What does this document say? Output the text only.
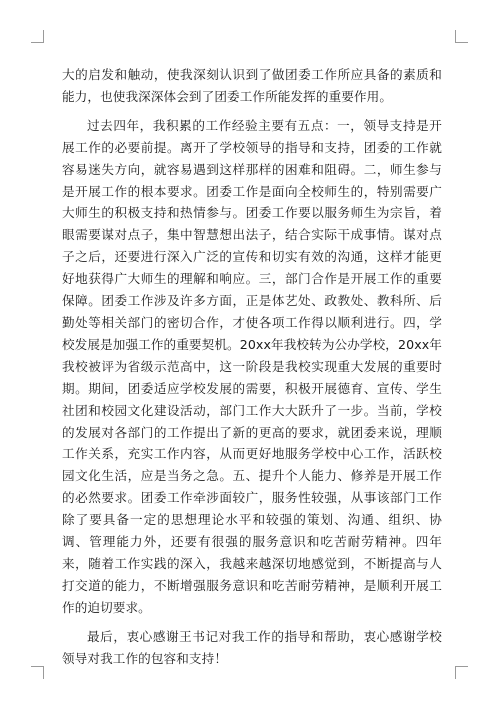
大的启发和触动，使我深刻认识到了做团委工作所应具备的素质和能力，也使我深深体会到了团委工作所能发挥的重要作用。

过去四年，我积累的工作经验主要有五点：一，领导支持是开展工作的必要前提。离开了学校领导的指导和支持，团委的工作就容易迷失方向，就容易遇到这样那样的困难和阻碍。二，师生参与是开展工作的根本要求。团委工作是面向全校师生的，特别需要广大师生的积极支持和热情参与。团委工作要以服务师生为宗旨，着眼需要谋对点子，集中智慧想出法子，结合实际干成事情。谋对点子之后，还要进行深入广泛的宣传和切实有效的沟通，这样才能更好地获得广大师生的理解和响应。三，部门合作是开展工作的重要保障。团委工作涉及许多方面，正是体艺处、政教处、教科所、后勤处等相关部门的密切合作，才使各项工作得以顺利进行。四，学校发展是加强工作的重要契机。20xx年我校转为公办学校，20xx年我校被评为省级示范高中，这一阶段是我校实现重大发展的重要时期。期间，团委适应学校发展的需要，积极开展德育、宣传、学生社团和校园文化建设活动，部门工作大大跃升了一步。当前，学校的发展对各部门的工作提出了新的更高的要求，就团委来说，理顺工作关系，充实工作内容，从而更好地服务学校中心工作，活跃校园文化生活，应是当务之急。五、提升个人能力、修养是开展工作的必然要求。团委工作牵涉面较广，服务性较强，从事该部门工作除了要具备一定的思想理论水平和较强的策划、沟通、组织、协调、管理能力外，还要有很强的服务意识和吃苦耐劳精神。四年来，随着工作实践的深入，我越来越深切地感觉到，不断提高与人打交道的能力，不断增强服务意识和吃苦耐劳精神，是顺利开展工作的迫切要求。

最后，衷心感谢王书记对我工作的指导和帮助，衷心感谢学校领导对我工作的包容和支持！
